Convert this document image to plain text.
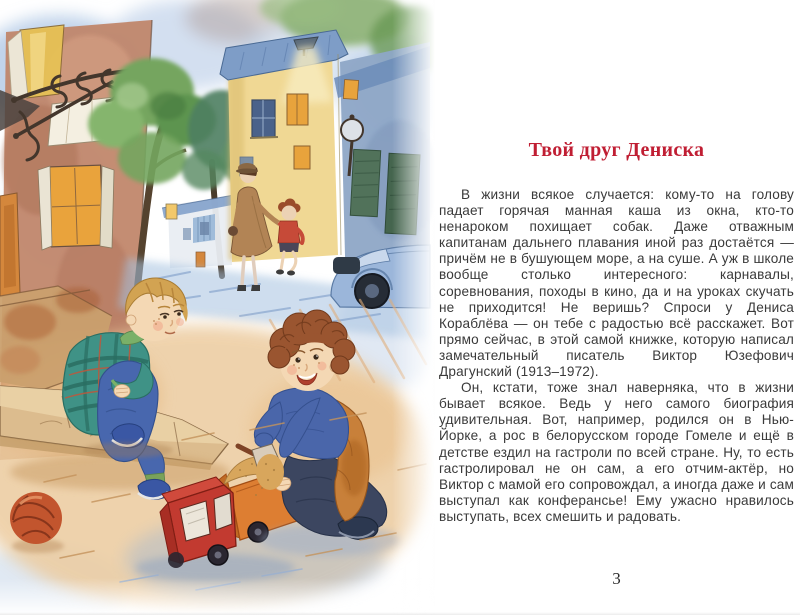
Твой друг Дениска

В жизни всякое случается: кому-то на голову падает горячая манная каша из окна, кто-то ненароком похищает собак. Даже отважным капитанам дальнего плавания иной раз достаётся — причём не в бушующем море, а на суше. А уж в школе вообще столько интересного: карнавалы, соревнования, походы в кино, да и на уроках скучать не приходится! Не веришь? Спроси у Дениса Кораблёва — он тебе с радостью всё расскажет. Вот прямо сейчас, в этой самой книжке, которую написал замечательный писатель Виктор Юзефович Драгунский (1913–1972).

Он, кстати, тоже знал наверняка, что в жизни бывает всякое. Ведь у него самого биография удивительная. Вот, например, родился он в Нью-Йорке, а рос в белорусском городе Гомеле и ещё в детстве ездил на гастроли по всей стране. Ну, то есть гастролировал не он сам, а его отчим-актёр, но Виктор с мамой его сопровождал, а иногда даже и сам выступал как конферансье! Ему ужасно нравилось выступать, всех смешить и радовать.

3
